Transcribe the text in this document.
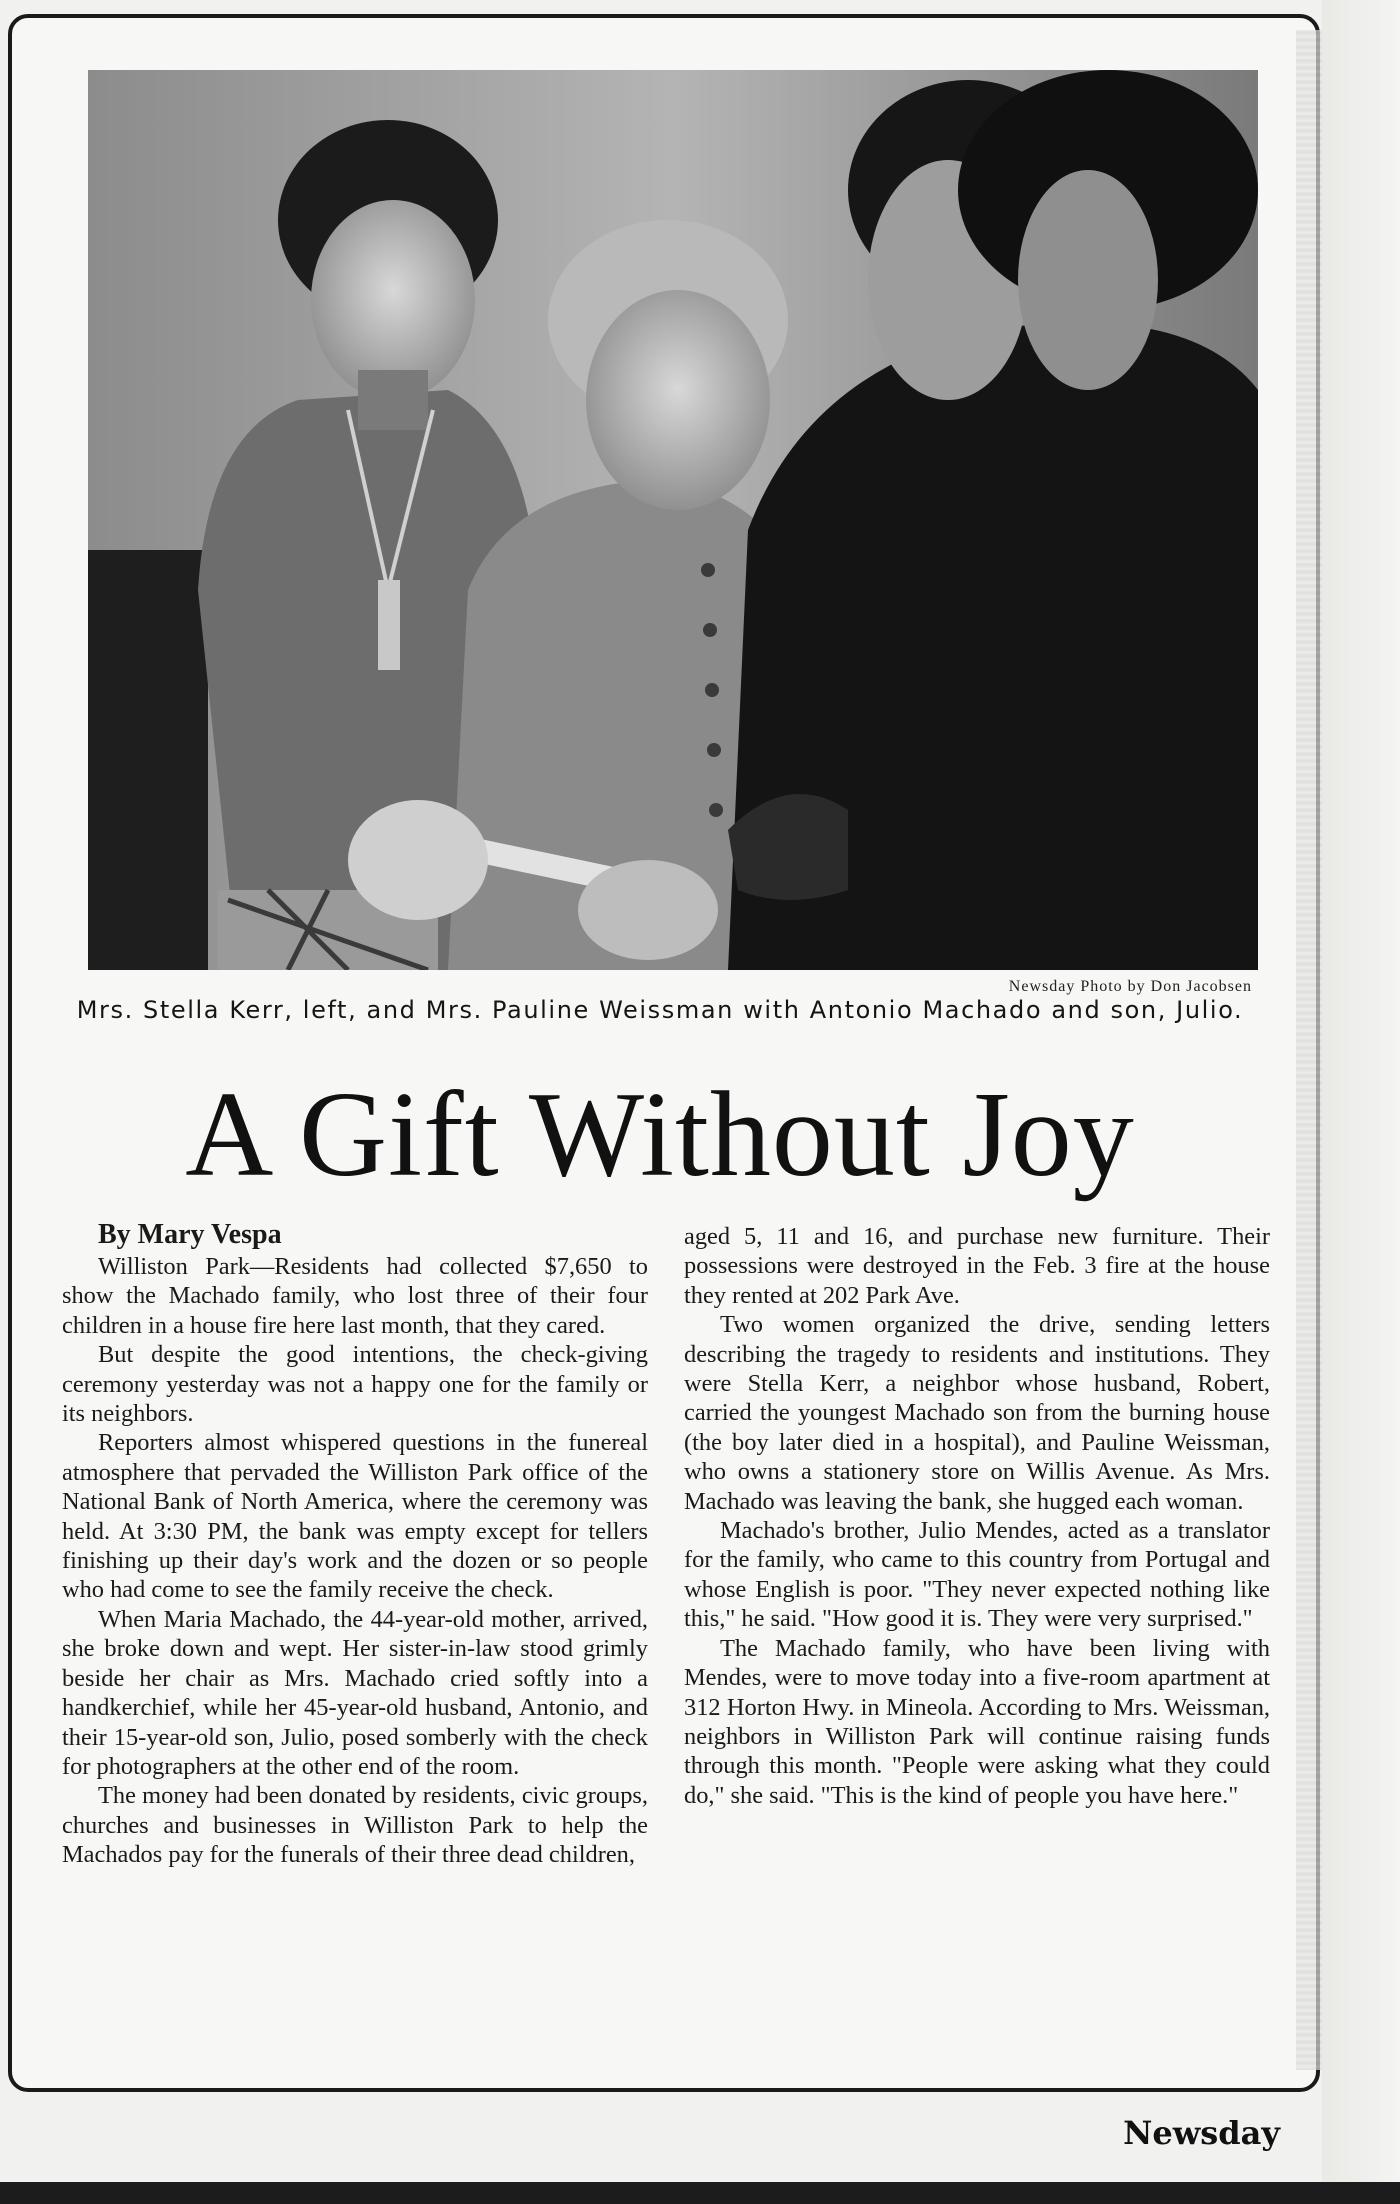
Newsday Photo by Don Jacobsen
Mrs. Stella Kerr, left, and Mrs. Pauline Weissman with Antonio Machado and son, Julio.
A Gift Without Joy

By Mary Vespa

Williston Park—Residents had collected $7,650 to show the Machado family, who lost three of their four children in a house fire here last month, that they cared.

But despite the good intentions, the check-giving ceremony yesterday was not a happy one for the family or its neighbors.

Reporters almost whispered questions in the funereal atmosphere that pervaded the Williston Park office of the National Bank of North America, where the ceremony was held. At 3:30 PM, the bank was empty except for tellers finishing up their day's work and the dozen or so people who had come to see the family receive the check.

When Maria Machado, the 44-year-old mother, arrived, she broke down and wept. Her sister-in-law stood grimly beside her chair as Mrs. Machado cried softly into a handkerchief, while her 45-year-old husband, Antonio, and their 15-year-old son, Julio, posed somberly with the check for photographers at the other end of the room.

The money had been donated by residents, civic groups, churches and businesses in Williston Park to help the Machados pay for the funerals of their three dead children,

aged 5, 11 and 16, and purchase new furniture. Their possessions were destroyed in the Feb. 3 fire at the house they rented at 202 Park Ave.

Two women organized the drive, sending letters describing the tragedy to residents and institutions. They were Stella Kerr, a neighbor whose husband, Robert, carried the youngest Machado son from the burning house (the boy later died in a hospital), and Pauline Weissman, who owns a stationery store on Willis Avenue. As Mrs. Machado was leaving the bank, she hugged each woman.

Machado's brother, Julio Mendes, acted as a translator for the family, who came to this country from Portugal and whose English is poor. "They never expected nothing like this," he said. "How good it is. They were very surprised."

The Machado family, who have been living with Mendes, were to move today into a five-room apartment at 312 Horton Hwy. in Mineola. According to Mrs. Weissman, neighbors in Williston Park will continue raising funds through this month. "People were asking what they could do," she said. "This is the kind of people you have here."

Newsday
